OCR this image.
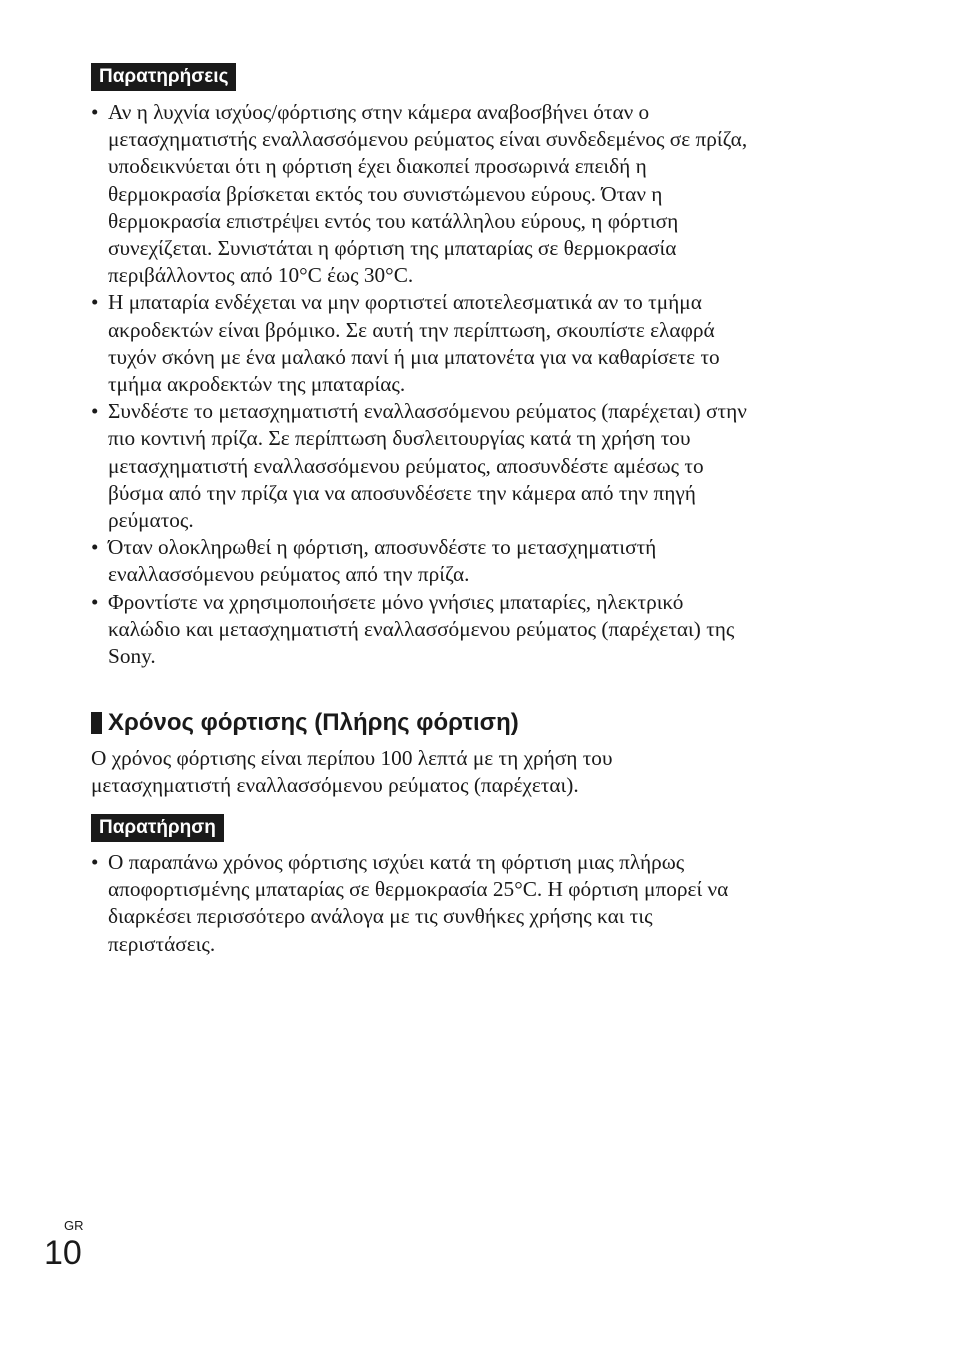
Παρατηρήσεις
• Αν η λυχνία ισχύος/φόρτισης στην κάμερα αναβοσβήνει όταν ο
μετασχηματιστής εναλλασσόμενου ρεύματος είναι συνδεδεμένος σε πρίζα,
υποδεικνύεται ότι η φόρτιση έχει διακοπεί προσωρινά επειδή η
θερμοκρασία βρίσκεται εκτός του συνιστώμενου εύρους. Όταν η
θερμοκρασία επιστρέψει εντός του κατάλληλου εύρους, η φόρτιση
συνεχίζεται. Συνιστάται η φόρτιση της μπαταρίας σε θερμοκρασία
περιβάλλοντος από 10°C έως 30°C.
• Η μπαταρία ενδέχεται να μην φορτιστεί αποτελεσματικά αν το τμήμα
ακροδεκτών είναι βρόμικο. Σε αυτή την περίπτωση, σκουπίστε ελαφρά
τυχόν σκόνη με ένα μαλακό πανί ή μια μπατονέτα για να καθαρίσετε το
τμήμα ακροδεκτών της μπαταρίας.
• Συνδέστε το μετασχηματιστή εναλλασσόμενου ρεύματος (παρέχεται) στην
πιο κοντινή πρίζα. Σε περίπτωση δυσλειτουργίας κατά τη χρήση του
μετασχηματιστή εναλλασσόμενου ρεύματος, αποσυνδέστε αμέσως το
βύσμα από την πρίζα για να αποσυνδέσετε την κάμερα από την πηγή
ρεύματος.
• Όταν ολοκληρωθεί η φόρτιση, αποσυνδέστε το μετασχηματιστή
εναλλασσόμενου ρεύματος από την πρίζα.
• Φροντίστε να χρησιμοποιήσετε μόνο γνήσιες μπαταρίες, ηλεκτρικό
καλώδιο και μετασχηματιστή εναλλασσόμενου ρεύματος (παρέχεται) της
Sony.
Χρόνος φόρτισης (Πλήρης φόρτιση)

Ο χρόνος φόρτισης είναι περίπου 100 λεπτά με τη χρήση του
μετασχηματιστή εναλλασσόμενου ρεύματος (παρέχεται).

Παρατήρηση
• Ο παραπάνω χρόνος φόρτισης ισχύει κατά τη φόρτιση μιας πλήρως
αποφορτισμένης μπαταρίας σε θερμοκρασία 25°C. Η φόρτιση μπορεί να
διαρκέσει περισσότερο ανάλογα με τις συνθήκες χρήσης και τις
περιστάσεις.
GR
10
